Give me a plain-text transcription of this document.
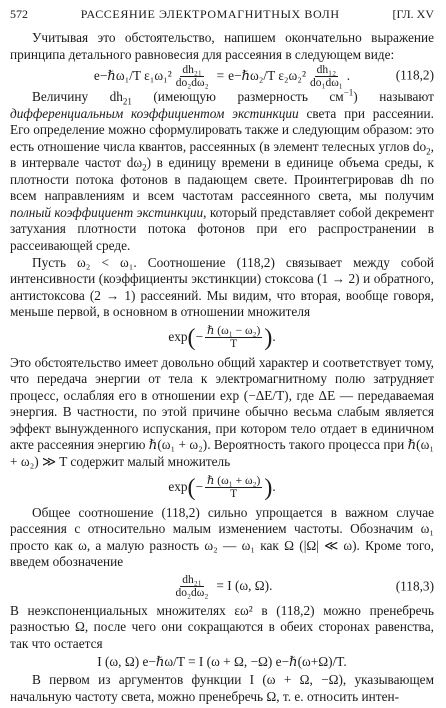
572	РАССЕЯНИЕ ЭЛЕКТРОМАГНИТНЫХ ВОЛН	[ГЛ. XV

Учитывая это обстоятельство, напишем окончательно выражение принципа детального равновесия для рассеяния в следующем виде:

e−ℏω₁/T $\varepsilon_1\omega_1^2 \frac{\text{dh₂₁}}{\text{do₂dω₂}}$ = e−ℏω₂/T $\varepsilon_2\omega_2^2 \frac{\text{dh₁₂}}{\text{do₁dω₁}}$ .	(118,2)

Величину $dh_{21}$ (имеющую размерность $см^{-1}$) называют дифференциальным коэффициентом экстинкции света при рассеянии. Его определение можно сформулировать также и следующим образом: это есть отношение числа квантов, рассеянных (в элемент телесных углов $do_2$, в интервале частот $d\omega_2$) в единицу времени в единице объема среды, к плотности потока фотонов в падающем свете. Проинтегрировав dh по всем направлениям и всем частотам рассеянного света, мы получим полный коэффициент экстинкции, который представляет собой декремент затухания плотности потока фотонов при его распространении в рассеивающей среде.

Пусть ω₂ < ω₁. Соотношение (118,2) связывает между собой интенсивности (коэффициенты экстинкции) стоксова (1 → 2) и обратного, антистоксова (2 → 1) рассеяний. Мы видим, что вторая, вообще говоря, меньше первой, в основном в отношении множителя

exp ( − $\frac{\text{ℏ (ω₁ − ω₂)}}{T}$ ) .

Это обстоятельство имеет довольно общий характер и соответствует тому, что передача энергии от тела к электромагнитному полю затрудняет процесс, ослабляя его в отношении exp (−ΔE/T), где ΔE — передаваемая энергия. В частности, по этой причине обычно весьма слабым является эффект вынужденного испускания, при котором тело отдает в единичном акте рассеяния энергию ℏ(ω₁ + ω₂). Вероятность такого процесса при ℏ(ω₁ + ω₂) ≫ T содержит малый множитель

exp ( − $\frac{\text{ℏ (ω₁ + ω₂)}}{T}$ ) .

Общее соотношение (118,2) сильно упрощается в важном случае рассеяния с относительно малым изменением частоты. Обозначим ω₁ просто как ω, а малую разность ω₂ — ω₁ как Ω (|Ω| ≪ ω). Кроме того, введем обозначение

$\frac{\text{dh₂₁}}{\text{do₂dω₂}} = I$ (ω, Ω).	(118,3)

В неэкспоненциальных множителях εω² в (118,2) можно пренебречь разностью Ω, после чего они сокращаются в обеих сторонах равенства, так что остается

I (ω, Ω) e−ℏω/T = I (ω + Ω, −Ω) e−ℏ(ω+Ω)/T.

В первом из аргументов функции I (ω + Ω, −Ω), указывающем начальную частоту света, можно пренебречь Ω, т. е. относить интен-
